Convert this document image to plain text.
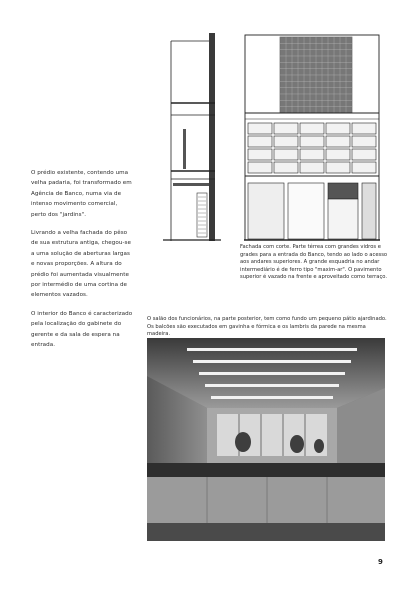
O prédio existente, contendo uma velha padaria, foi transformado em Agência de Banco, numa via de intenso movimento comercial, perto dos "jardins".

Livrando a velha fachada do pêso de sua estrutura antiga, chegou-se a uma solução de aberturas largas e novas proporções. A altura do prédio foi aumentada visualmente por intermédio de uma cortina de elementos vazados.

O interior do Banco é caracterizado pela localização do gabinete do gerente e da sala de espera na entrada.

Fachada com corte. Parte térrea com grandes vidros e grades para a entrada do Banco, tendo ao lado o acesso aos andares superiores. A grande esquadria no andar intermediário é de ferro tipo "maxim-ar". O pavimento superior é vazado na frente e aproveitado como terraço.

O salão dos funcionários, na parte posterior, tem como fundo um pequeno pátio ajardinado. Os balcões são executados em gavinha e fórmica e os lambris da parede na mesma madeira.

9
